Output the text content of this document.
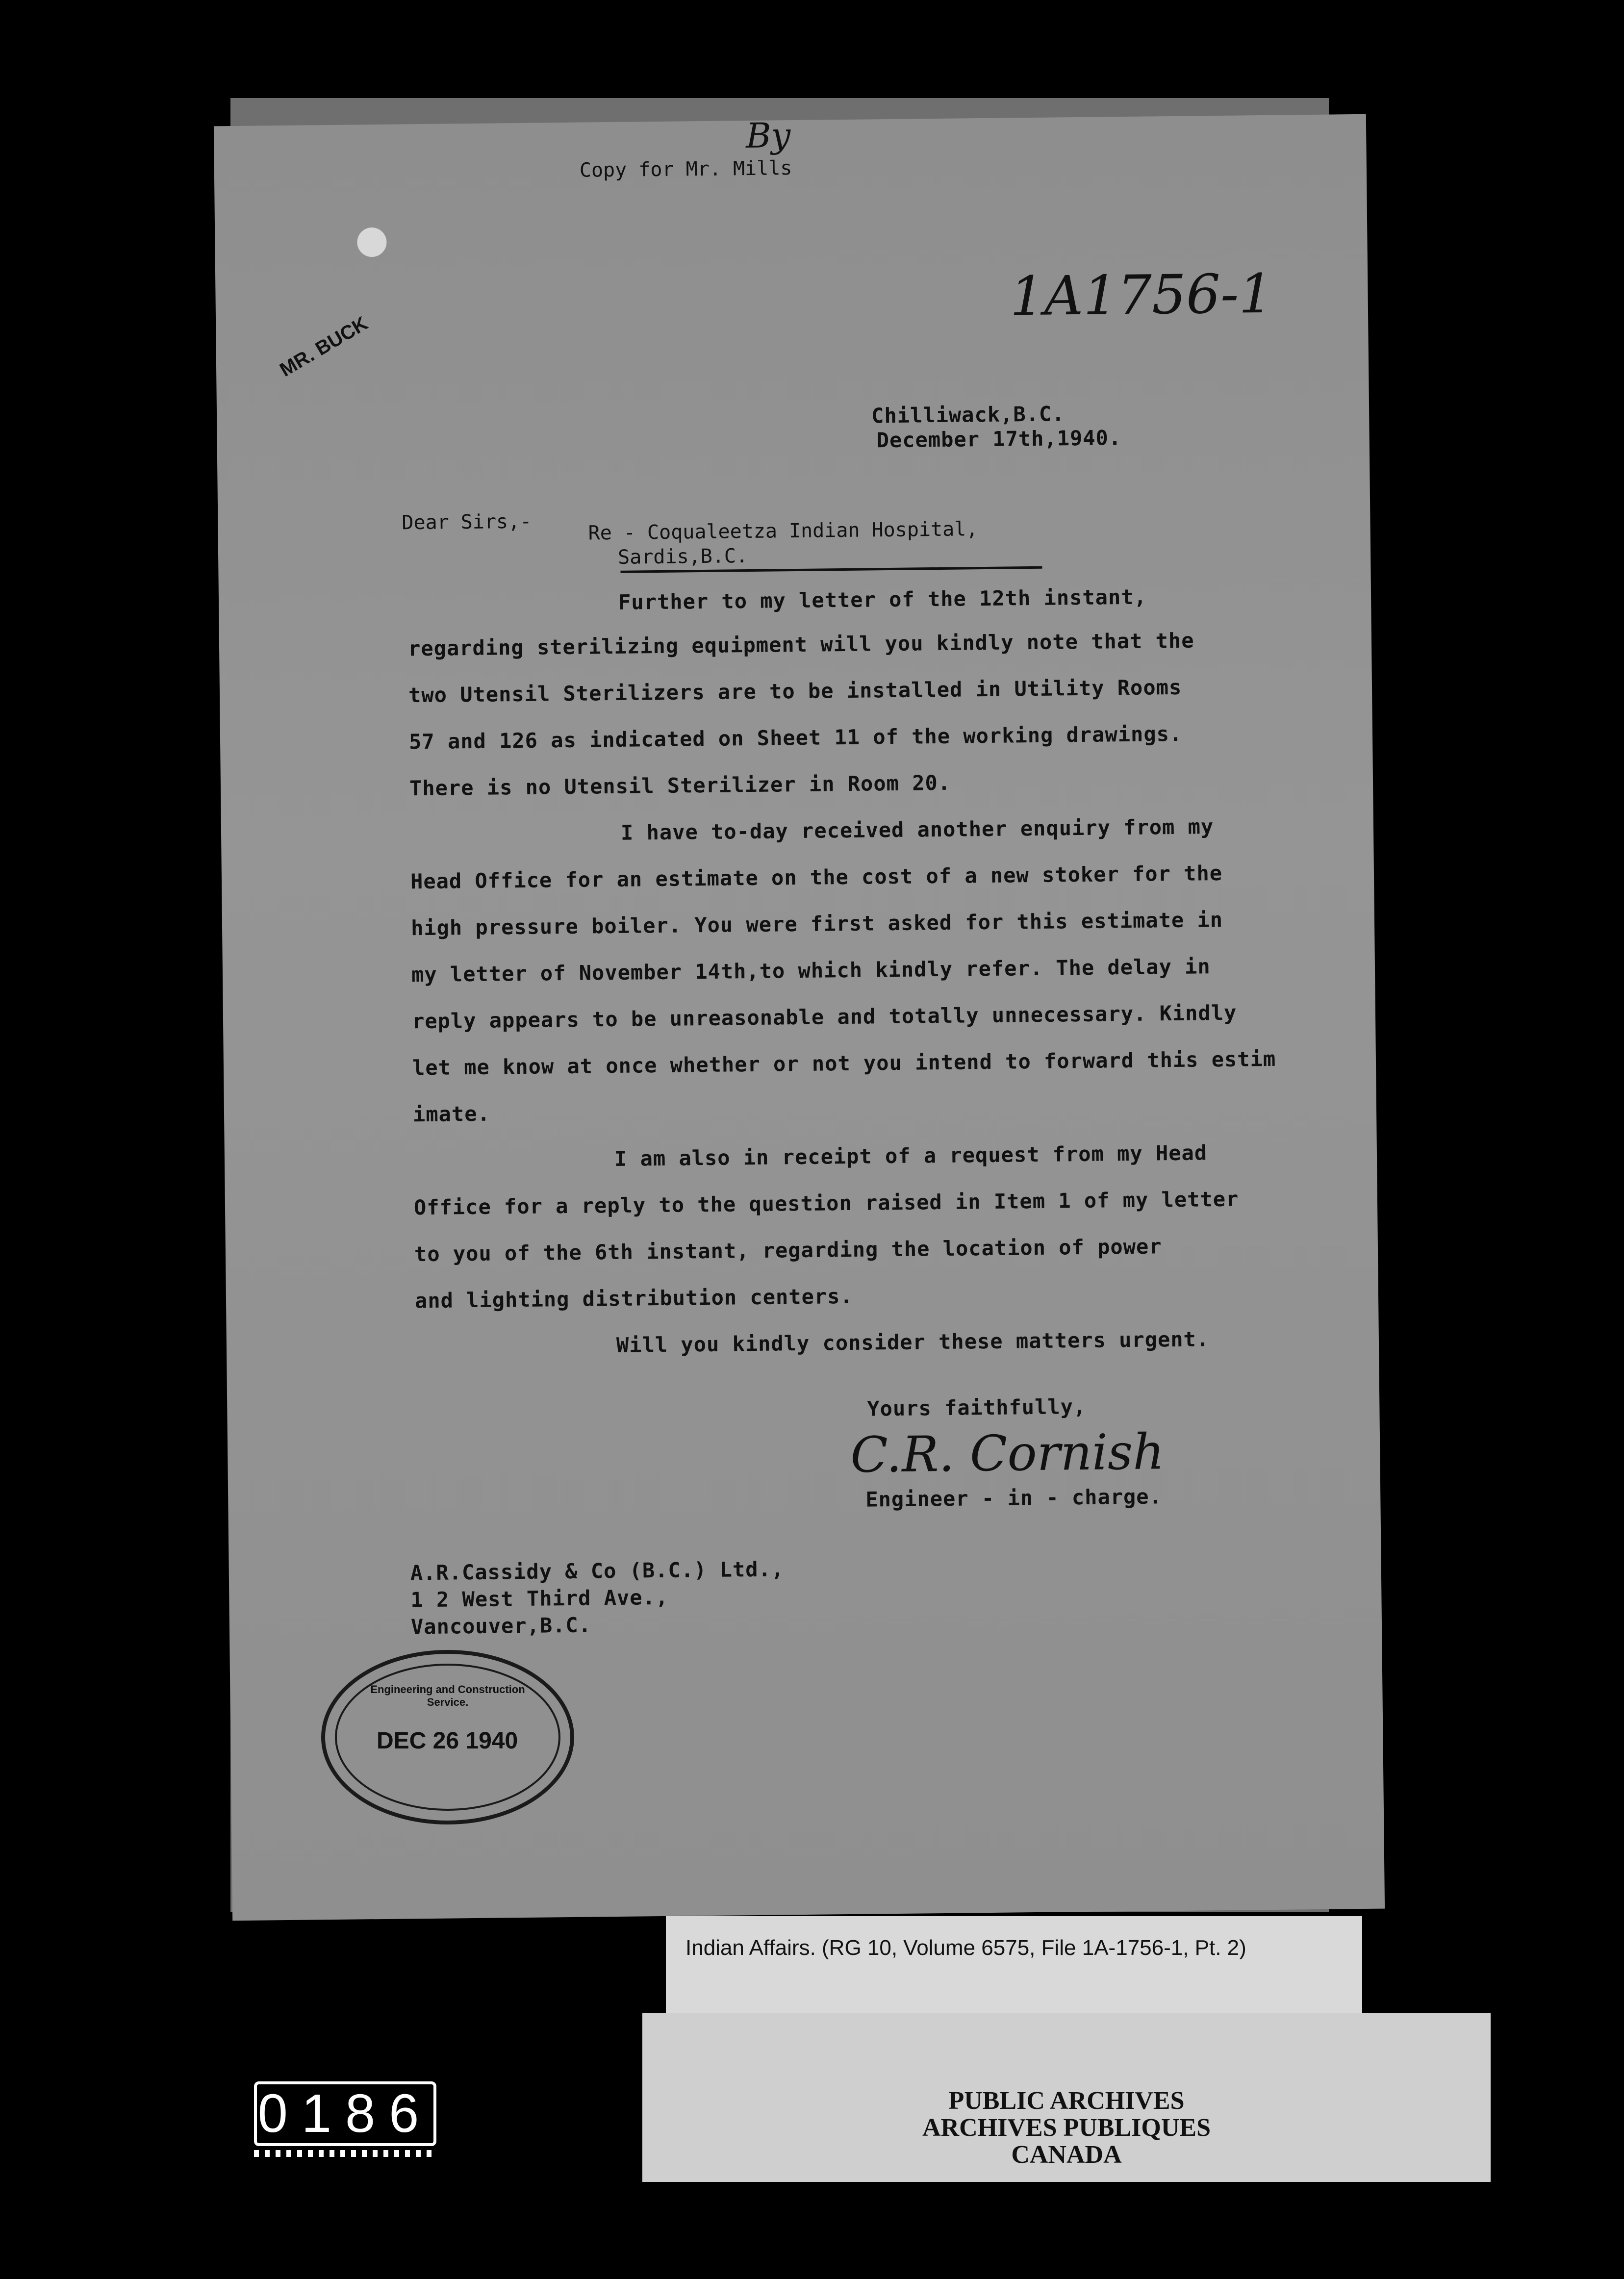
Copy for Mr. Mills
By
1A1756-1
MR. BUCK
Chilliwack,B.C.
December 17th,1940.
Dear Sirs,-	Re - Coqualeetza Indian Hospital,
Sardis,B.C.
Further to my letter of the 12th instant,
regarding sterilizing equipment will you kindly note that the
two Utensil Sterilizers are to be installed in Utility Rooms
57 and 126 as indicated on Sheet 11 of the working drawings.
There is no Utensil Sterilizer in Room 20.
I have to-day received another enquiry from my
Head Office for an estimate on the cost of a new stoker for the
high pressure boiler. You were first asked for this estimate in
my letter of November 14th,to which kindly refer. The delay in
reply appears to be unreasonable and totally unnecessary. Kindly
let me know at once whether or not you intend to forward this estim
imate.
I am also in receipt of a request from my Head
Office for a reply to the question raised in Item 1 of my letter
to you of the 6th instant, regarding the location of power
and lighting distribution centers.
Will you kindly consider these matters urgent.
Yours faithfully,
C.R. Cornish
Engineer - in - charge.
A.R.Cassidy & Co (B.C.) Ltd.,
1 2 West Third Ave.,
Vancouver,B.C.
Engineering and Construction Service.
DEC 26 1940
Indian Affairs. (RG 10, Volume 6575, File 1A-1756-1, Pt. 2)
PUBLIC ARCHIVES
ARCHIVES PUBLIQUES
CANADA
0186
